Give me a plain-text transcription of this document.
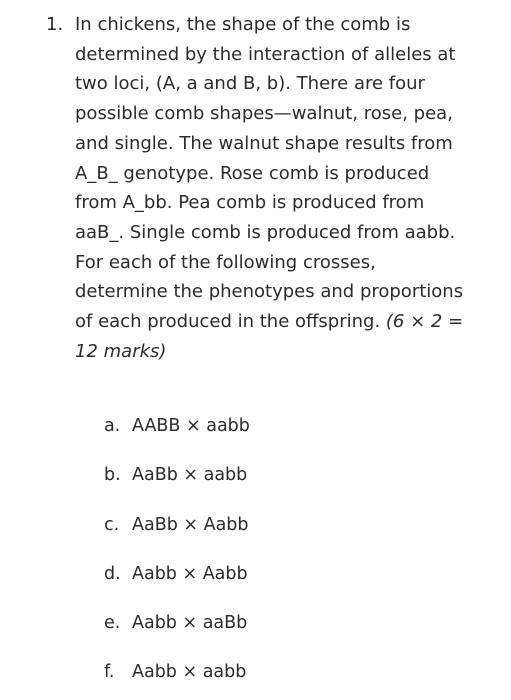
1. In chickens, the shape of the comb is determined by the interaction of alleles at two loci, (A, a and B, b). There are four possible comb shapes—walnut, rose, pea, and single. The walnut shape results from A_B_ genotype. Rose comb is produced from A_bb. Pea comb is produced from aaB_. Single comb is produced from aabb. For each of the following crosses, determine the phenotypes and proportions of each produced in the offspring. (6 × 2 = 12 marks)

a. AABB × aabb
b. AaBb × aabb
c. AaBb × Aabb
d. Aabb × Aabb
e. Aabb × aaBb
f. Aabb × aabb
